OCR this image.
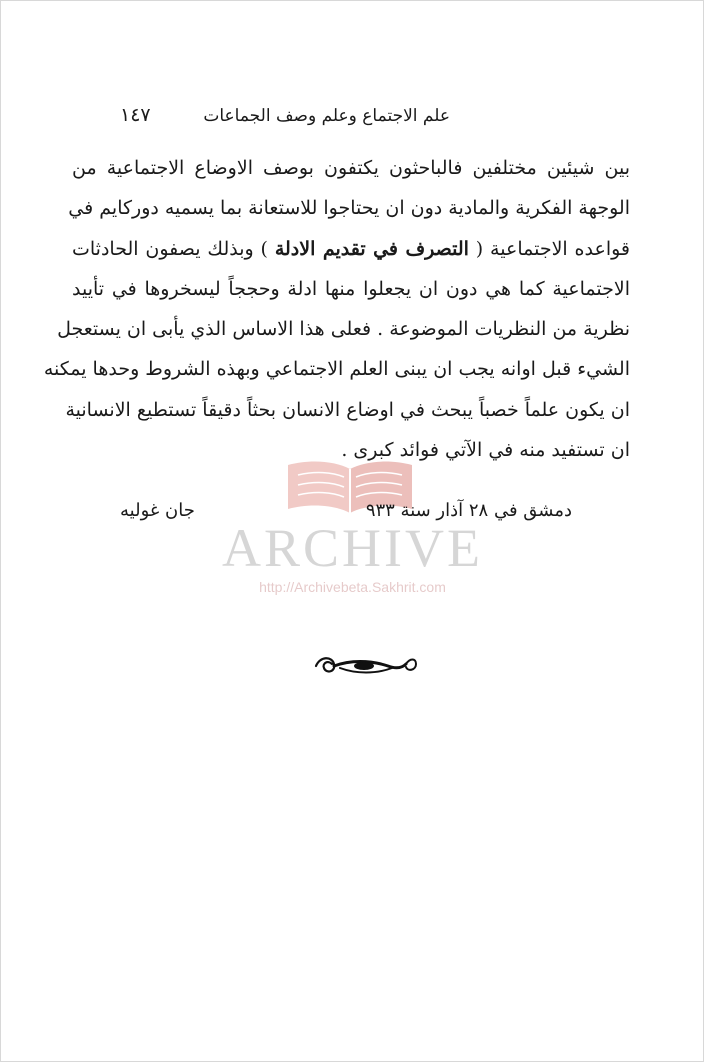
علم الاجتماع وعلم وصف الجماعات
١٤٧
بين شيئين مختلفين فالباحثون يكتفون بوصف الاوضاع الاجتماعية من
الوجهة الفكرية والمادية دون ان يحتاجوا للاستعانة بما يسميه دوركايم في
قواعده الاجتماعية ( التصرف في تقديم الادلة ) وبذلك يصفون الحادثات
الاجتماعية كما هي دون ان يجعلوا منها ادلة وحججاً ليسخروها في تأييد
نظرية من النظريات الموضوعة . فعلى هذا الاساس الذي يأبى ان يستعجل
الشيء قبل اوانه يجب ان يبنى العلم الاجتماعي وبهذه الشروط وحدها يمكنه
ان يكون علماً خصباً يبحث في اوضاع الانسان بحثاً دقيقاً تستطيع الانسانية
ان تستفيد منه في الآتي فوائد كبرى .
ARCHIVE
http://Archivebeta.Sakhrit.com
دمشق في ٢٨ آذار سنة ٩٣٣
جان غوليه
